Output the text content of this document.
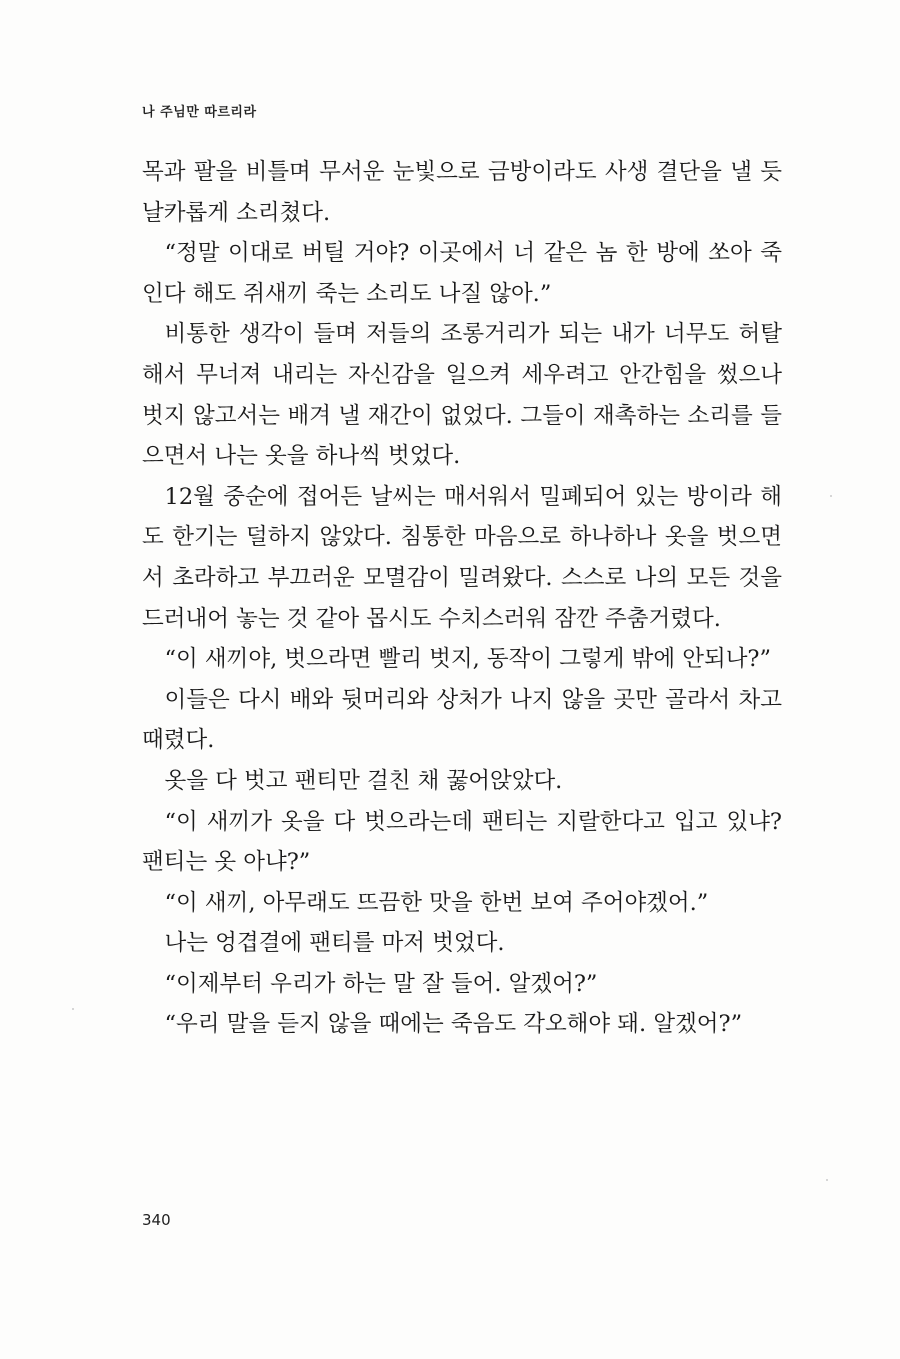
나 주님만 따르리라

목과 팔을 비틀며 무서운 눈빛으로 금방이라도 사생 결단을 낼 듯 날카롭게 소리쳤다.

“정말 이대로 버틸 거야? 이곳에서 너 같은 놈 한 방에 쏘아 죽인다 해도 쥐새끼 죽는 소리도 나질 않아.”

비통한 생각이 들며 저들의 조롱거리가 되는 내가 너무도 허탈해서 무너져 내리는 자신감을 일으켜 세우려고 안간힘을 썼으나 벗지 않고서는 배겨 낼 재간이 없었다. 그들이 재촉하는 소리를 들으면서 나는 옷을 하나씩 벗었다.

12월 중순에 접어든 날씨는 매서워서 밀폐되어 있는 방이라 해도 한기는 덜하지 않았다. 침통한 마음으로 하나하나 옷을 벗으면서 초라하고 부끄러운 모멸감이 밀려왔다. 스스로 나의 모든 것을 드러내어 놓는 것 같아 몹시도 수치스러워 잠깐 주춤거렸다.

“이 새끼야, 벗으라면 빨리 벗지, 동작이 그렇게 밖에 안되나?”

이들은 다시 배와 뒷머리와 상처가 나지 않을 곳만 골라서 차고 때렸다.

옷을 다 벗고 팬티만 걸친 채 꿇어앉았다.

“이 새끼가 옷을 다 벗으라는데 팬티는 지랄한다고 입고 있냐? 팬티는 옷 아냐?”

“이 새끼, 아무래도 뜨끔한 맛을 한번 보여 주어야겠어.”

나는 엉겹결에 팬티를 마저 벗었다.

“이제부터 우리가 하는 말 잘 들어. 알겠어?”

“우리 말을 듣지 않을 때에는 죽음도 각오해야 돼. 알겠어?”

340
